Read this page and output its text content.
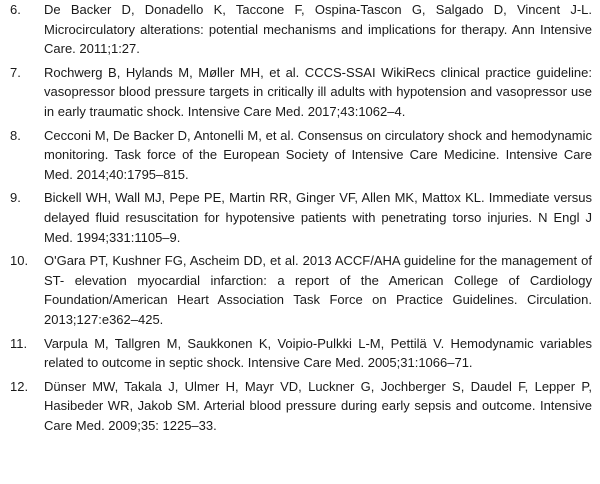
6. De Backer D, Donadello K, Taccone F, Ospina-Tascon G, Salgado D, Vincent J-L. Microcirculatory alterations: potential mechanisms and implications for therapy. Ann Intensive Care. 2011;1:27.
7. Rochwerg B, Hylands M, Møller MH, et al. CCCS-SSAI WikiRecs clinical practice guideline: vasopressor blood pressure targets in critically ill adults with hypotension and vasopressor use in early traumatic shock. Intensive Care Med. 2017;43:1062–4.
8. Cecconi M, De Backer D, Antonelli M, et al. Consensus on circulatory shock and hemodynamic monitoring. Task force of the European Society of Intensive Care Medicine. Intensive Care Med. 2014;40:1795–815.
9. Bickell WH, Wall MJ, Pepe PE, Martin RR, Ginger VF, Allen MK, Mattox KL. Immediate versus delayed fluid resuscitation for hypotensive patients with penetrating torso injuries. N Engl J Med. 1994;331:1105–9.
10. O'Gara PT, Kushner FG, Ascheim DD, et al. 2013 ACCF/AHA guideline for the management of ST- elevation myocardial infarction: a report of the American College of Cardiology Foundation/American Heart Association Task Force on Practice Guidelines. Circulation. 2013;127:e362–425.
11. Varpula M, Tallgren M, Saukkonen K, Voipio-Pulkki L-M, Pettilä V. Hemodynamic variables related to outcome in septic shock. Intensive Care Med. 2005;31:1066–71.
12. Dünser MW, Takala J, Ulmer H, Mayr VD, Luckner G, Jochberger S, Daudel F, Lepper P, Hasibeder WR, Jakob SM. Arterial blood pressure during early sepsis and outcome. Intensive Care Med. 2009;35: 1225–33.
